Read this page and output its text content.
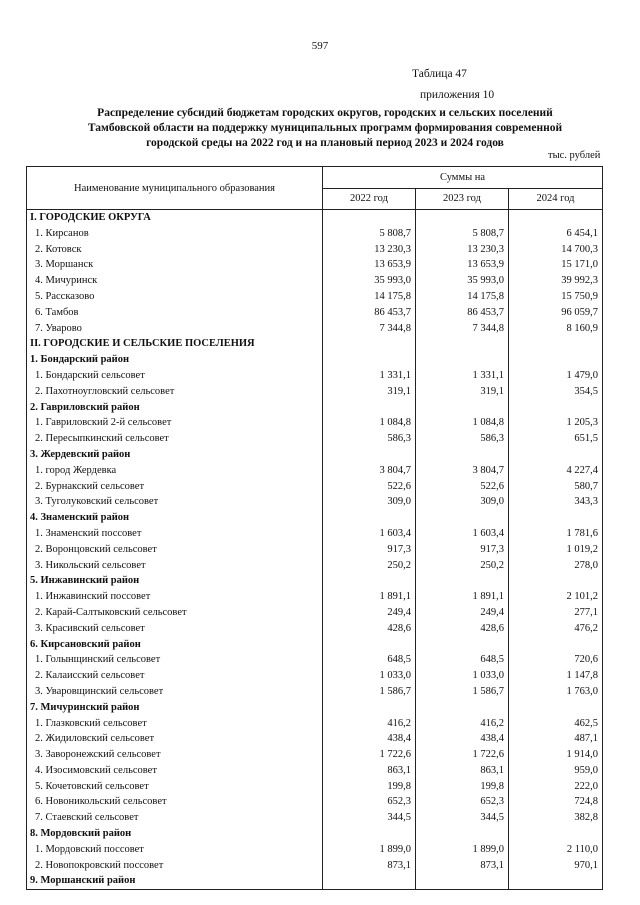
597
Таблица 47
приложения 10
Распределение субсидий бюджетам городских округов, городских и сельских поселений
Тамбовской области на поддержку муниципальных программ формирования современной
городской среды на 2022 год и на плановый период 2023 и 2024 годов
тыс. рублей
Наименование муниципального образования	Суммы на		
	2022 год	2023 год	2024 год
I. ГОРОДСКИЕ ОКРУГА			
1. Кирсанов	5 808,7	5 808,7	6 454,1
2. Котовск	13 230,3	13 230,3	14 700,3
3. Моршанск	13 653,9	13 653,9	15 171,0
4. Мичуринск	35 993,0	35 993,0	39 992,3
5. Рассказово	14 175,8	14 175,8	15 750,9
6. Тамбов	86 453,7	86 453,7	96 059,7
7. Уварово	7 344,8	7 344,8	8 160,9
II. ГОРОДСКИЕ И СЕЛЬСКИЕ ПОСЕЛЕНИЯ			
1. Бондарский район			
1. Бондарский сельсовет	1 331,1	1 331,1	1 479,0
2. Пахотноугловский сельсовет	319,1	319,1	354,5
2. Гавриловский район			
1. Гавриловский 2-й сельсовет	1 084,8	1 084,8	1 205,3
2. Пересыпкинский сельсовет	586,3	586,3	651,5
3. Жердевский район			
1. город Жердевка	3 804,7	3 804,7	4 227,4
2. Бурнакский сельсовет	522,6	522,6	580,7
3. Туголуковский сельсовет	309,0	309,0	343,3
4. Знаменский район			
1. Знаменский поссовет	1 603,4	1 603,4	1 781,6
2. Воронцовский сельсовет	917,3	917,3	1 019,2
3. Никольский сельсовет	250,2	250,2	278,0
5. Инжавинский район			
1. Инжавинский поссовет	1 891,1	1 891,1	2 101,2
2. Карай-Салтыковский сельсовет	249,4	249,4	277,1
3. Красивский сельсовет	428,6	428,6	476,2
6. Кирсановский район			
1. Голынщинский сельсовет	648,5	648,5	720,6
2. Калаисский сельсовет	1 033,0	1 033,0	1 147,8
3. Уваровщинский сельсовет	1 586,7	1 586,7	1 763,0
7. Мичуринский район			
1. Глазковский сельсовет	416,2	416,2	462,5
2. Жидиловский сельсовет	438,4	438,4	487,1
3. Заворонежский сельсовет	1 722,6	1 722,6	1 914,0
4. Изосимовский сельсовет	863,1	863,1	959,0
5. Кочетовский сельсовет	199,8	199,8	222,0
6. Новоникольский сельсовет	652,3	652,3	724,8
7. Стаевский сельсовет	344,5	344,5	382,8
8. Мордовский район			
1. Мордовский поссовет	1 899,0	1 899,0	2 110,0
2. Новопокровский поссовет	873,1	873,1	970,1
9. Моршанский район			
